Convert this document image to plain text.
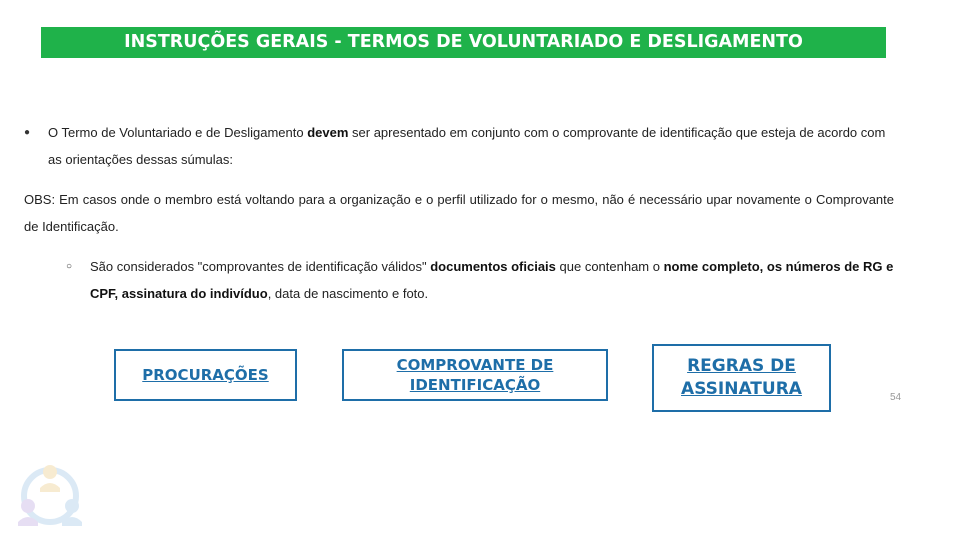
INSTRUÇÕES GERAIS - TERMOS DE VOLUNTARIADO E DESLIGAMENTO
● O Termo de Voluntariado e de Desligamento devem ser apresentado em conjunto com o comprovante de identificação que esteja de acordo com as orientações dessas súmulas:
OBS: Em casos onde o membro está voltando para a organização e o perfil utilizado for o mesmo, não é necessário upar novamente o Comprovante de Identificação.
○ São considerados "comprovantes de identificação válidos" documentos oficiais que contenham o nome completo, os números de RG e CPF, assinatura do indivíduo, data de nascimento e foto.
PROCURAÇÕES
COMPROVANTE DE IDENTIFICAÇÃO
REGRAS DE ASSINATURA	54
